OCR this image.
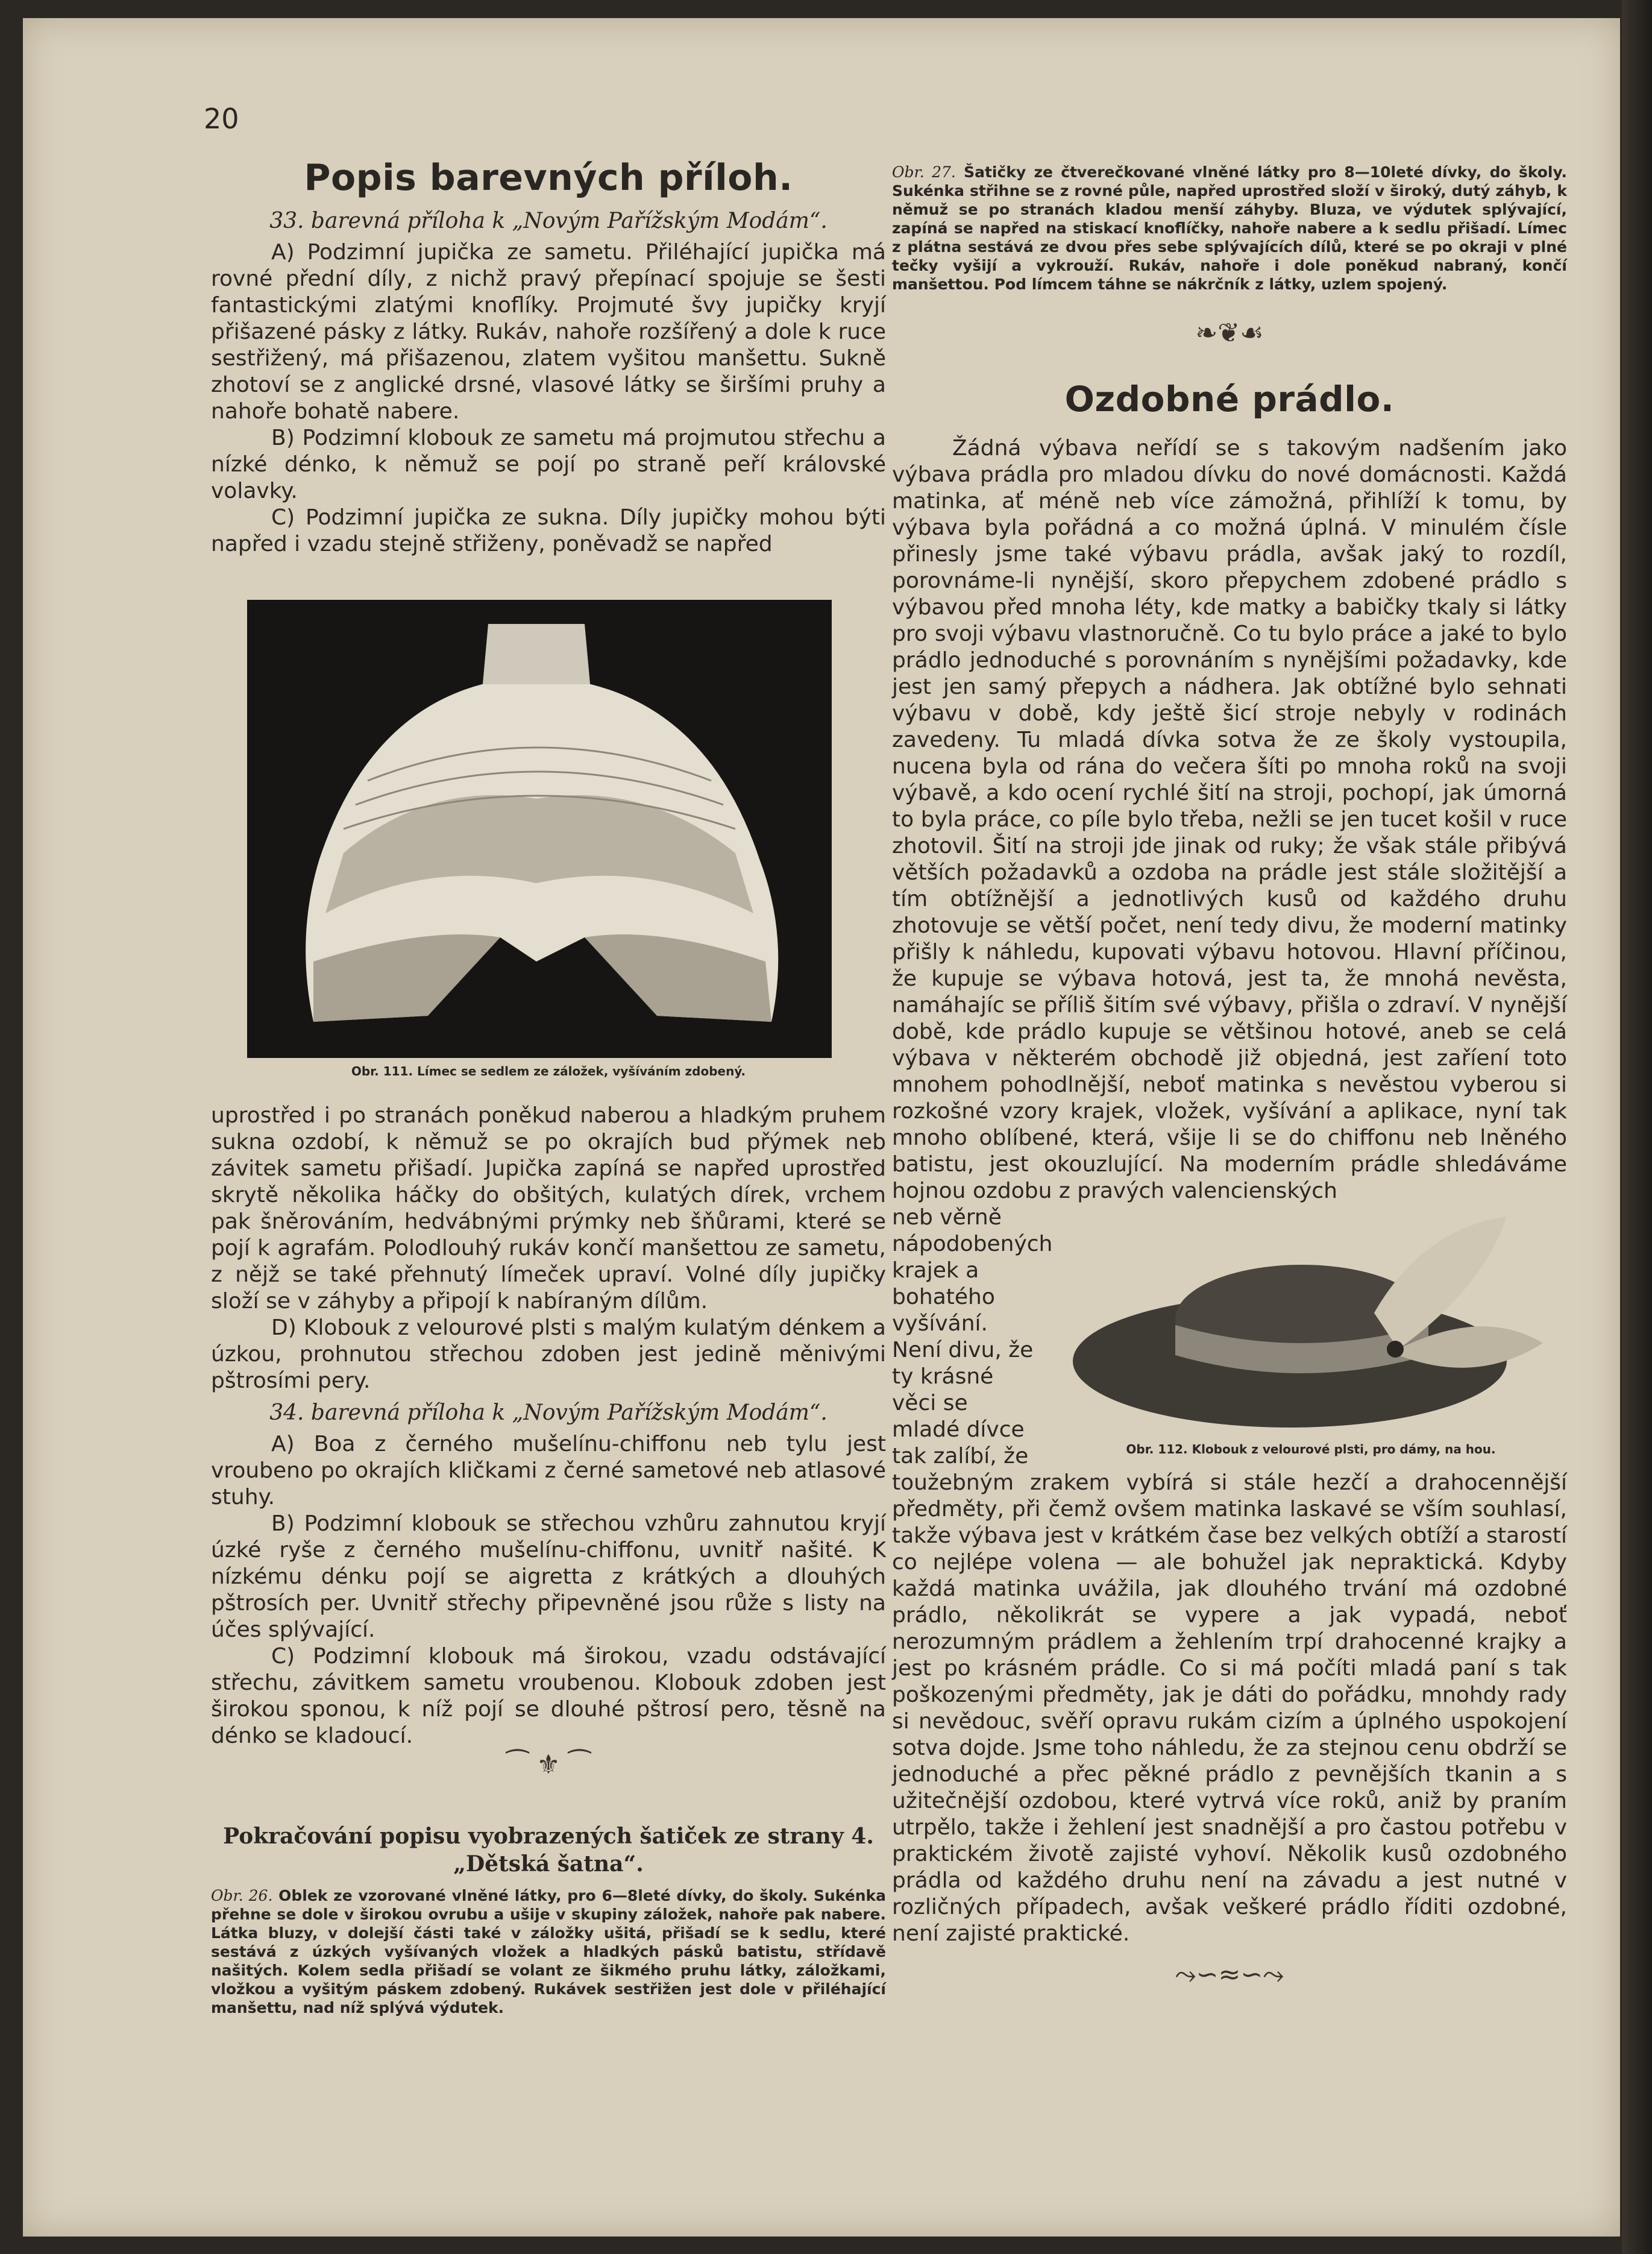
20
Popis barevných příloh.

33. barevná příloha k „Novým Pařížským Modám“.

A) Podzimní jupička ze sametu. Přiléhající jupička má rovné přední díly, z nichž pravý přepínací spojuje se šesti fantastickými zlatými knoflíky. Projmuté švy jupičky kryjí přišazené pásky z látky. Rukáv, nahoře rozšířený a dole k ruce sestřižený, má přišazenou, zlatem vyšitou manšettu. Sukně zhotoví se z anglické drsné, vlasové látky se širšími pruhy a nahoře bohatě nabere.

B) Podzimní klobouk ze sametu má projmutou střechu a nízké dénko, k němuž se pojí po straně peří královské volavky.

C) Podzimní jupička ze sukna. Díly jupičky mohou býti napřed i vzadu stejně střiženy, poněvadž se napřed

Obr. 111. Límec se sedlem ze záložek, vyšíváním zdobený.

uprostřed i po stranách poněkud naberou a hladkým pruhem sukna ozdobí, k němuž se po okrajích bud přýmek neb závitek sametu přišadí. Jupička zapíná se napřed uprostřed skrytě několika háčky do obšitých, kulatých dírek, vrchem pak šněrováním, hedvábnými prýmky neb šňůrami, které se pojí k agrafám. Polodlouhý rukáv končí manšettou ze sametu, z nějž se také přehnutý límeček upraví. Volné díly jupičky složí se v záhyby a připojí k nabíraným dílům.

D) Klobouk z velourové plsti s malým kulatým dénkem a úzkou, prohnutou střechou zdoben jest jedině měnivými pštrosími pery.

34. barevná příloha k „Novým Pařížským Modám“.

A) Boa z černého mušelínu-chiffonu neb tylu jest vroubeno po okrajích kličkami z černé sametové neb atlasové stuhy.

B) Podzimní klobouk se střechou vzhůru zahnutou kryjí úzké ryše z černého mušelínu-chiffonu, uvnitř našité. K nízkému dénku pojí se aigretta z krátkých a dlouhých pštrosích per. Uvnitř střechy připevněné jsou růže s listy na účes splývající.

C) Podzimní klobouk má širokou, vzadu odstávající střechu, závitkem sametu vroubenou. Klobouk zdoben jest širokou sponou, k níž pojí se dlouhé pštrosí pero, těsně na dénko se kladoucí.

⁀ ⚜ ⁀

Pokračování popisu vyobrazených šatiček ze strany 4. „Dětská šatna“.

Obr. 26. Oblek ze vzorované vlněné látky, pro 6—8leté dívky, do školy. Sukénka přehne se dole v širokou ovrubu a ušije v skupiny záložek, nahoře pak nabere. Látka bluzy, v dolejší části také v záložky ušitá, přišadí se k sedlu, které sestává z úzkých vyšívaných vložek a hladkých pásků batistu, střídavě našitých. Kolem sedla přišadí se volant ze šikmého pruhu látky, záložkami, vložkou a vyšitým páskem zdobený. Rukávek sestřižen jest dole v přiléhající manšettu, nad níž splývá výdutek.

Obr. 27. Šatičky ze čtverečkované vlněné látky pro 8—10leté dívky, do školy. Sukénka střihne se z rovné půle, napřed uprostřed složí v široký, dutý záhyb, k němuž se po stranách kladou menší záhyby. Bluza, ve výdutek splývající, zapíná se napřed na stiskací knoflíčky, nahoře nabere a k sedlu přišadí. Límec z plátna sestává ze dvou přes sebe splývajících dílů, které se po okraji v plné tečky vyšijí a vykrouží. Rukáv, nahoře i dole poněkud nabraný, končí manšettou. Pod límcem táhne se nákrčník z látky, uzlem spojený.

❧❦☙
Ozdobné prádlo.

Žádná výbava neřídí se s takovým nadšením jako výbava prádla pro mladou dívku do nové domácnosti. Každá matinka, ať méně neb více zámožná, přihlíží k tomu, by výbava byla pořádná a co možná úplná. V minulém čísle přinesly jsme také výbavu prádla, avšak jaký to rozdíl, porovnáme-li nynější, skoro přepychem zdobené prádlo s výbavou před mnoha léty, kde matky a babičky tkaly si látky pro svoji výbavu vlastnoručně. Co tu bylo práce a jaké to bylo prádlo jednoduché s porovnáním s nynějšími požadavky, kde jest jen samý přepych a nádhera. Jak obtížné bylo sehnati výbavu v době, kdy ještě šicí stroje nebyly v rodinách zavedeny. Tu mladá dívka sotva že ze školy vystoupila, nucena byla od rána do večera šíti po mnoha roků na svoji výbavě, a kdo ocení rychlé šití na stroji, pochopí, jak úmorná to byla práce, co píle bylo třeba, nežli se jen tucet košil v ruce zhotovil. Šití na stroji jde jinak od ruky; že však stále přibývá větších požadavků a ozdoba na prádle jest stále složitější a tím obtížnější a jednotlivých kusů od každého druhu zhotovuje se větší počet, není tedy divu, že moderní matinky přišly k náhledu, kupovati výbavu hotovou. Hlavní příčinou, že kupuje se výbava hotová, jest ta, že mnohá nevěsta, namáhajíc se příliš šitím své výbavy, přišla o zdraví. V nynější době, kde prádlo kupuje se většinou hotové, aneb se celá výbava v některém obchodě již objedná, jest zaříení toto mnohem pohodlnější, neboť matinka s nevěstou vyberou si rozkošné vzory krajek, vložek, vyšívání a aplikace, nyní tak mnoho oblíbené, která, všije li se do chiffonu neb lněného batistu, jest okouzlující. Na moderním prádle shledáváme hojnou ozdobu z pravých valencienských

neb věrně nápodobených krajek a bohatého vyšívání. Není divu, že ty krásné věci se mladé dívce tak zalíbí, že	Obr. 112. Klobouk z velourové plsti, pro dámy, na hou.

toužebným zrakem vybírá si stále hezčí a drahocennější předměty, při čemž ovšem matinka laskavé se vším souhlasí, takže výbava jest v krátkém čase bez velkých obtíží a starostí co nejlépe volena — ale bohužel jak nepraktická. Kdyby každá matinka uvážila, jak dlouhého trvání má ozdobné prádlo, několikrát se vypere a jak vypadá, neboť nerozumným prádlem a žehlením trpí drahocenné krajky a jest po krásném prádle. Co si má počíti mladá paní s tak poškozenými předměty, jak je dáti do pořádku, mnohdy rady si nevědouc, svěří opravu rukám cizím a úplného uspokojení sotva dojde. Jsme toho náhledu, že za stejnou cenu obdrží se jednoduché a přec pěkné prádlo z pevnějších tkanin a s užitečnější ozdobou, které vytrvá více roků, aniž by praním utrpělo, takže i žehlení jest snadnější a pro častou potřebu v praktickém životě zajisté vyhoví. Několik kusů ozdobného prádla od každého druhu není na závadu a jest nutné v rozličných případech, avšak veškeré prádlo říditi ozdobné, není zajisté praktické.

⤳∽≈∽⤳
